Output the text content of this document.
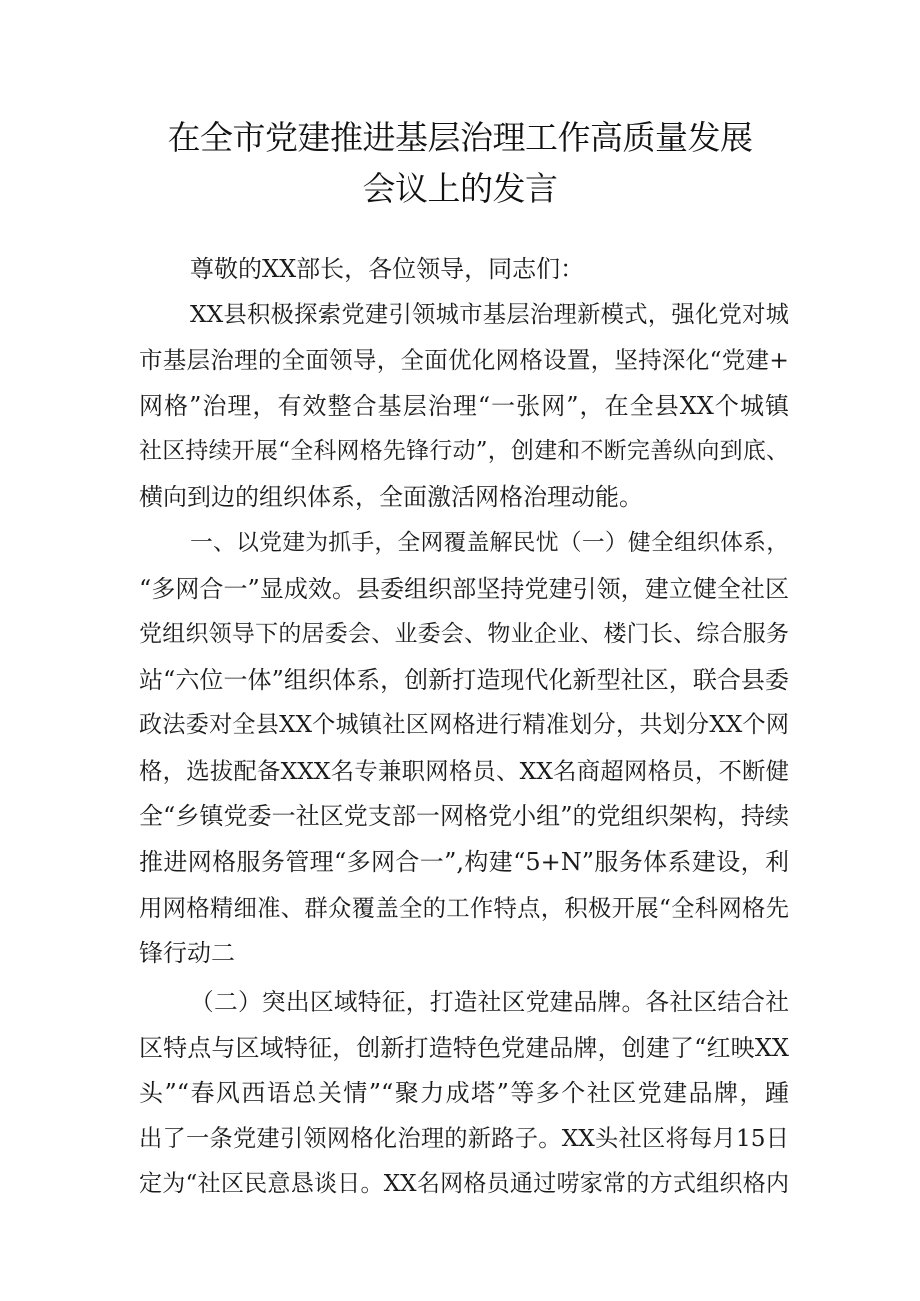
在全市党建推进基层治理工作高质量发展
会议上的发言

尊敬的XX部长，各位领导，同志们：

XX县积极探索党建引领城市基层治理新模式，强化党对城

市基层治理的全面领导，全面优化网格设置，坚持深化“党建+

网格”治理，有效整合基层治理“一张网”，在全县XX个城镇

社区持续开展“全科网格先锋行动”，创建和不断完善纵向到底、

横向到边的组织体系，全面激活网格治理动能。

一、以党建为抓手，全网覆盖解民忧（一）健全组织体系，

“多网合一”显成效。县委组织部坚持党建引领，建立健全社区

党组织领导下的居委会、业委会、物业企业、楼门长、综合服务

站“六位一体”组织体系，创新打造现代化新型社区，联合县委

政法委对全县XX个城镇社区网格进行精准划分，共划分XX个网

格，选拔配备XXX名专兼职网格员、XX名商超网格员，不断健

全“乡镇党委一社区党支部一网格党小组”的党组织架构，持续

推进网格服务管理“多网合一”,构建“5+N”服务体系建设，利

用网格精细准、群众覆盖全的工作特点，积极开展“全科网格先

锋行动二

（二）突出区域特征，打造社区党建品牌。各社区结合社

区特点与区域特征，创新打造特色党建品牌，创建了“红映XX

头”“春风西语总关情”“聚力成塔”等多个社区党建品牌，踵

出了一条党建引领网格化治理的新路子。XX头社区将每月15日

定为“社区民意恳谈日。XX名网格员通过唠家常的方式组织格内
